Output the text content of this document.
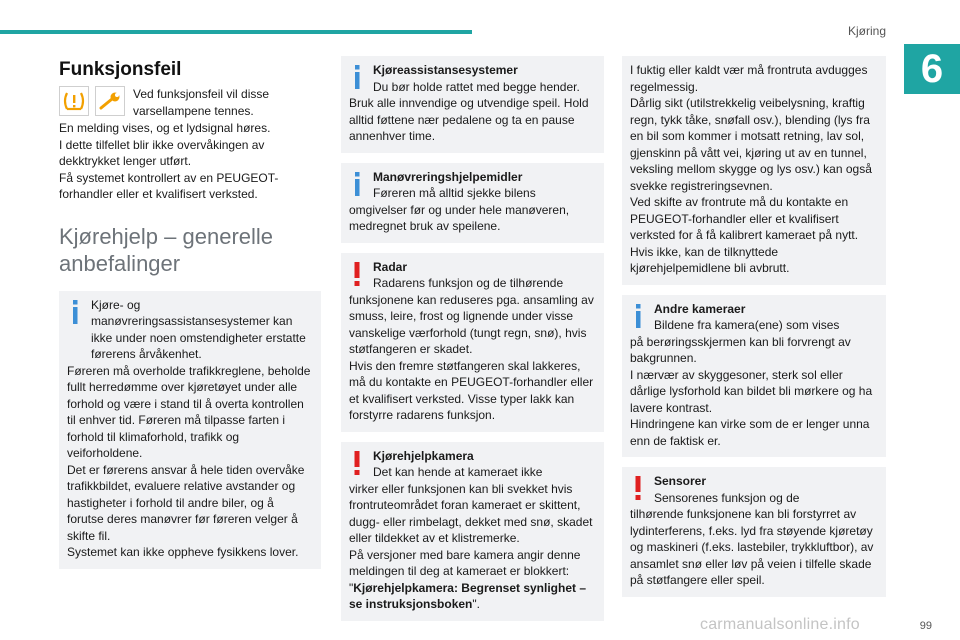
Kjøring
6
Funksjonsfeil
Ved funksjonsfeil vil disse varsellampene tennes.

En melding vises, og et lydsignal høres.

I dette tilfellet blir ikke overvåkingen av dekktrykket lenger utført.

Få systemet kontrollert av en PEUGEOT-forhandler eller et kvalifisert verksted.

Kjørehjelp – generelle anbefalinger
Kjøre- og manøvreringsassistansesystemer kan ikke under noen omstendigheter erstatte førerens årvåkenhet.

Føreren må overholde trafikkreglene, beholde fullt herredømme over kjøretøyet under alle forhold og være i stand til å overta kontrollen til enhver tid. Føreren må tilpasse farten i forhold til klimaforhold, trafikk og veiforholdene.

Det er førerens ansvar å hele tiden overvåke trafikkbildet, evaluere relative avstander og hastigheter i forhold til andre biler, og å forutse deres manøvrer før føreren velger å skifte fil.

Systemet kan ikke oppheve fysikkens lover.

Kjøreassistansesystemer
Du bør holde rattet med begge hender.

Bruk alle innvendige og utvendige speil. Hold alltid føttene nær pedalene og ta en pause annenhver time.

Manøvreringshjelpemidler
Føreren må alltid sjekke bilens

omgivelser før og under hele manøveren, medregnet bruk av speilene.

Radar
Radarens funksjon og de tilhørende

funksjonene kan reduseres pga. ansamling av smuss, leire, frost og lignende under visse vanskelige værforhold (tungt regn, snø), hvis støtfangeren er skadet.

Hvis den fremre støtfangeren skal lakkeres, må du kontakte en PEUGEOT-forhandler eller et kvalifisert verksted. Visse typer lakk kan forstyrre radarens funksjon.

Kjørehjelpkamera
Det kan hende at kameraet ikke

virker eller funksjonen kan bli svekket hvis frontruteområdet foran kameraet er skittent, dugg- eller rimbelagt, dekket med snø, skadet eller tildekket av et klistremerke.

På versjoner med bare kamera angir denne meldingen til deg at kameraet er blokkert:

"Kjørehjelpkamera: Begrenset synlighet – se instruksjonsboken".

I fuktig eller kaldt vær må frontruta avdugges regelmessig.

Dårlig sikt (utilstrekkelig veibelysning, kraftig regn, tykk tåke, snøfall osv.), blending (lys fra en bil som kommer i motsatt retning, lav sol, gjenskinn på vått vei, kjøring ut av en tunnel, veksling mellom skygge og lys osv.) kan også svekke registreringsevnen.

Ved skifte av frontrute må du kontakte en PEUGEOT-forhandler eller et kvalifisert verksted for å få kalibrert kameraet på nytt. Hvis ikke, kan de tilknyttede kjørehjelpemidlene bli avbrutt.

Andre kameraer
Bildene fra kamera(ene) som vises

på berøringsskjermen kan bli forvrengt av bakgrunnen.

I nærvær av skyggesoner, sterk sol eller dårlige lysforhold kan bildet bli mørkere og ha lavere kontrast.

Hindringene kan virke som de er lenger unna enn de faktisk er.

Sensorer
Sensorenes funksjon og de

tilhørende funksjonene kan bli forstyrret av lydinterferens, f.eks. lyd fra støyende kjøretøy og maskineri (f.eks. lastebiler, trykkluftbor), av ansamlet snø eller løv på veien i tilfelle skade på støtfangere eller speil.

carmanualsonline.info	99
